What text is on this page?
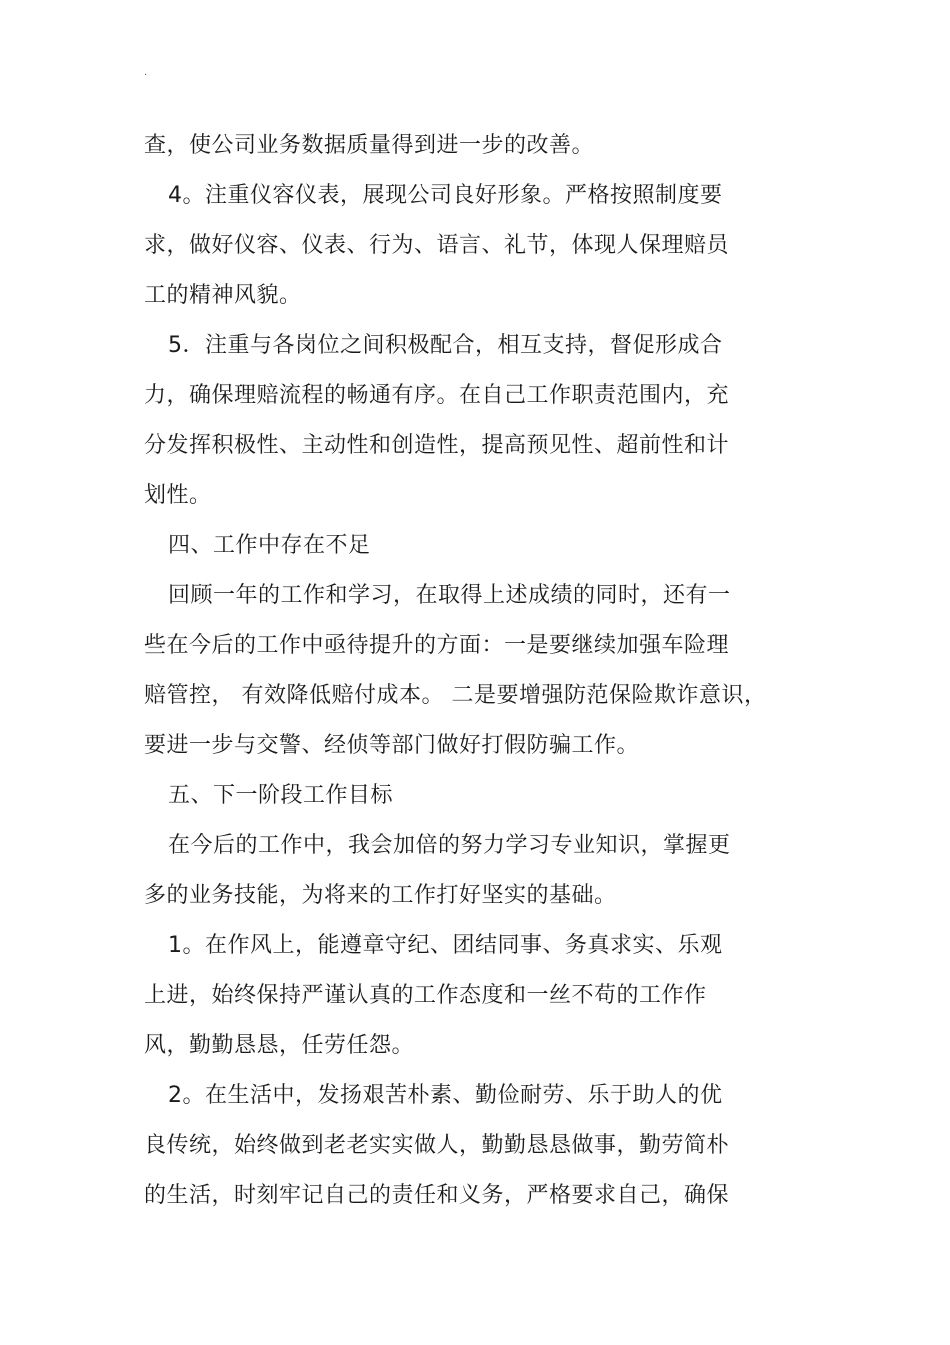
·
查，使公司业务数据质量得到进一步的改善。
4。注重仪容仪表，展现公司良好形象。严格按照制度要
求，做好仪容、仪表、行为、语言、礼节，体现人保理赔员
工的精神风貌。
5．注重与各岗位之间积极配合，相互支持，督促形成合
力，确保理赔流程的畅通有序。在自己工作职责范围内，充
分发挥积极性、主动性和创造性，提高预见性、超前性和计
划性。
四、工作中存在不足
回顾一年的工作和学习，在取得上述成绩的同时，还有一
些在今后的工作中亟待提升的方面：一是要继续加强车险理
赔管控， 有效降低赔付成本。 二是要增强防范保险欺诈意识，
要进一步与交警、经侦等部门做好打假防骗工作。
五、下一阶段工作目标
在今后的工作中，我会加倍的努力学习专业知识，掌握更
多的业务技能，为将来的工作打好坚实的基础。
1。在作风上，能遵章守纪、团结同事、务真求实、乐观
上进，始终保持严谨认真的工作态度和一丝不苟的工作作
风，勤勤恳恳，任劳任怨。
2。在生活中，发扬艰苦朴素、勤俭耐劳、乐于助人的优
良传统，始终做到老老实实做人，勤勤恳恳做事，勤劳简朴
的生活，时刻牢记自己的责任和义务，严格要求自己，确保
